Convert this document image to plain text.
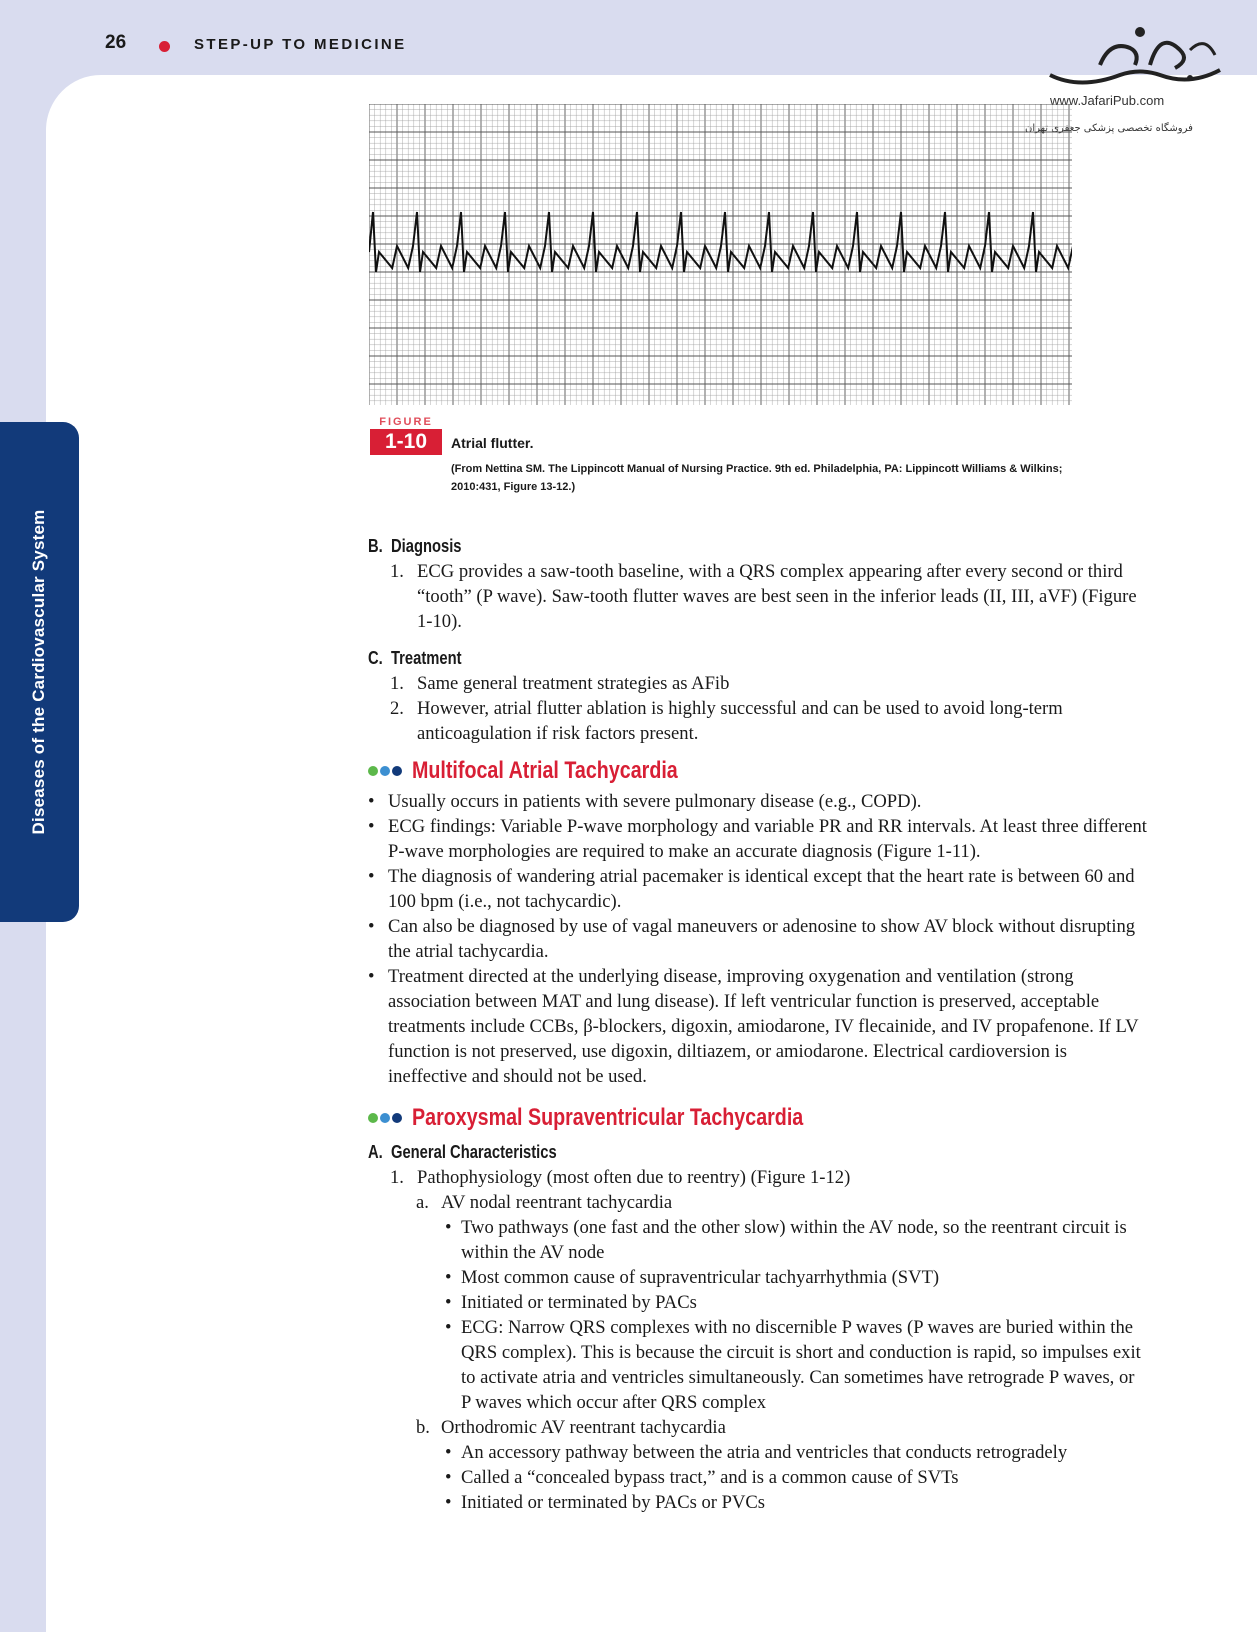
26	STEP-UP TO MEDICINE
www.JafariPub.com
فروشگاه تخصصی پزشکی جعفری تهران
Diseases of the Cardiovascular System
FIGURE
1-10	Atrial flutter.
(From Nettina SM. The Lippincott Manual of Nursing Practice. 9th ed. Philadelphia, PA: Lippincott Williams & Wilkins;
2010:431, Figure 13-12.)
B. Diagnosis
1. ECG provides a saw-tooth baseline, with a QRS complex appearing after every second or third “tooth” (P wave). Saw-tooth flutter waves are best seen in the inferior leads (II, III, aVF) (Figure 1-10).
C. Treatment
1. Same general treatment strategies as AFib
2. However, atrial flutter ablation is highly successful and can be used to avoid long-term anticoagulation if risk factors present.
Multifocal Atrial Tachycardia
• Usually occurs in patients with severe pulmonary disease (e.g., COPD).
• ECG findings: Variable P-wave morphology and variable PR and RR intervals. At least three different P-wave morphologies are required to make an accurate diagnosis (Figure 1-11).
• The diagnosis of wandering atrial pacemaker is identical except that the heart rate is between 60 and 100 bpm (i.e., not tachycardic).
• Can also be diagnosed by use of vagal maneuvers or adenosine to show AV block without disrupting the atrial tachycardia.
• Treatment directed at the underlying disease, improving oxygenation and ventilation (strong association between MAT and lung disease). If left ventricular function is preserved, acceptable treatments include CCBs, β-blockers, digoxin, amiodarone, IV flecainide, and IV propafenone. If LV function is not preserved, use digoxin, diltiazem, or amiodarone. Electrical cardioversion is ineffective and should not be used.
Paroxysmal Supraventricular Tachycardia
A. General Characteristics
1. Pathophysiology (most often due to reentry) (Figure 1-12)
a. AV nodal reentrant tachycardia
• Two pathways (one fast and the other slow) within the AV node, so the reentrant circuit is within the AV node
• Most common cause of supraventricular tachyarrhythmia (SVT)
• Initiated or terminated by PACs
• ECG: Narrow QRS complexes with no discernible P waves (P waves are buried within the QRS complex). This is because the circuit is short and conduction is rapid, so impulses exit to activate atria and ventricles simultaneously. Can sometimes have retrograde P waves, or P waves which occur after QRS complex
b. Orthodromic AV reentrant tachycardia
• An accessory pathway between the atria and ventricles that conducts retrogradely
• Called a “concealed bypass tract,” and is a common cause of SVTs
• Initiated or terminated by PACs or PVCs
